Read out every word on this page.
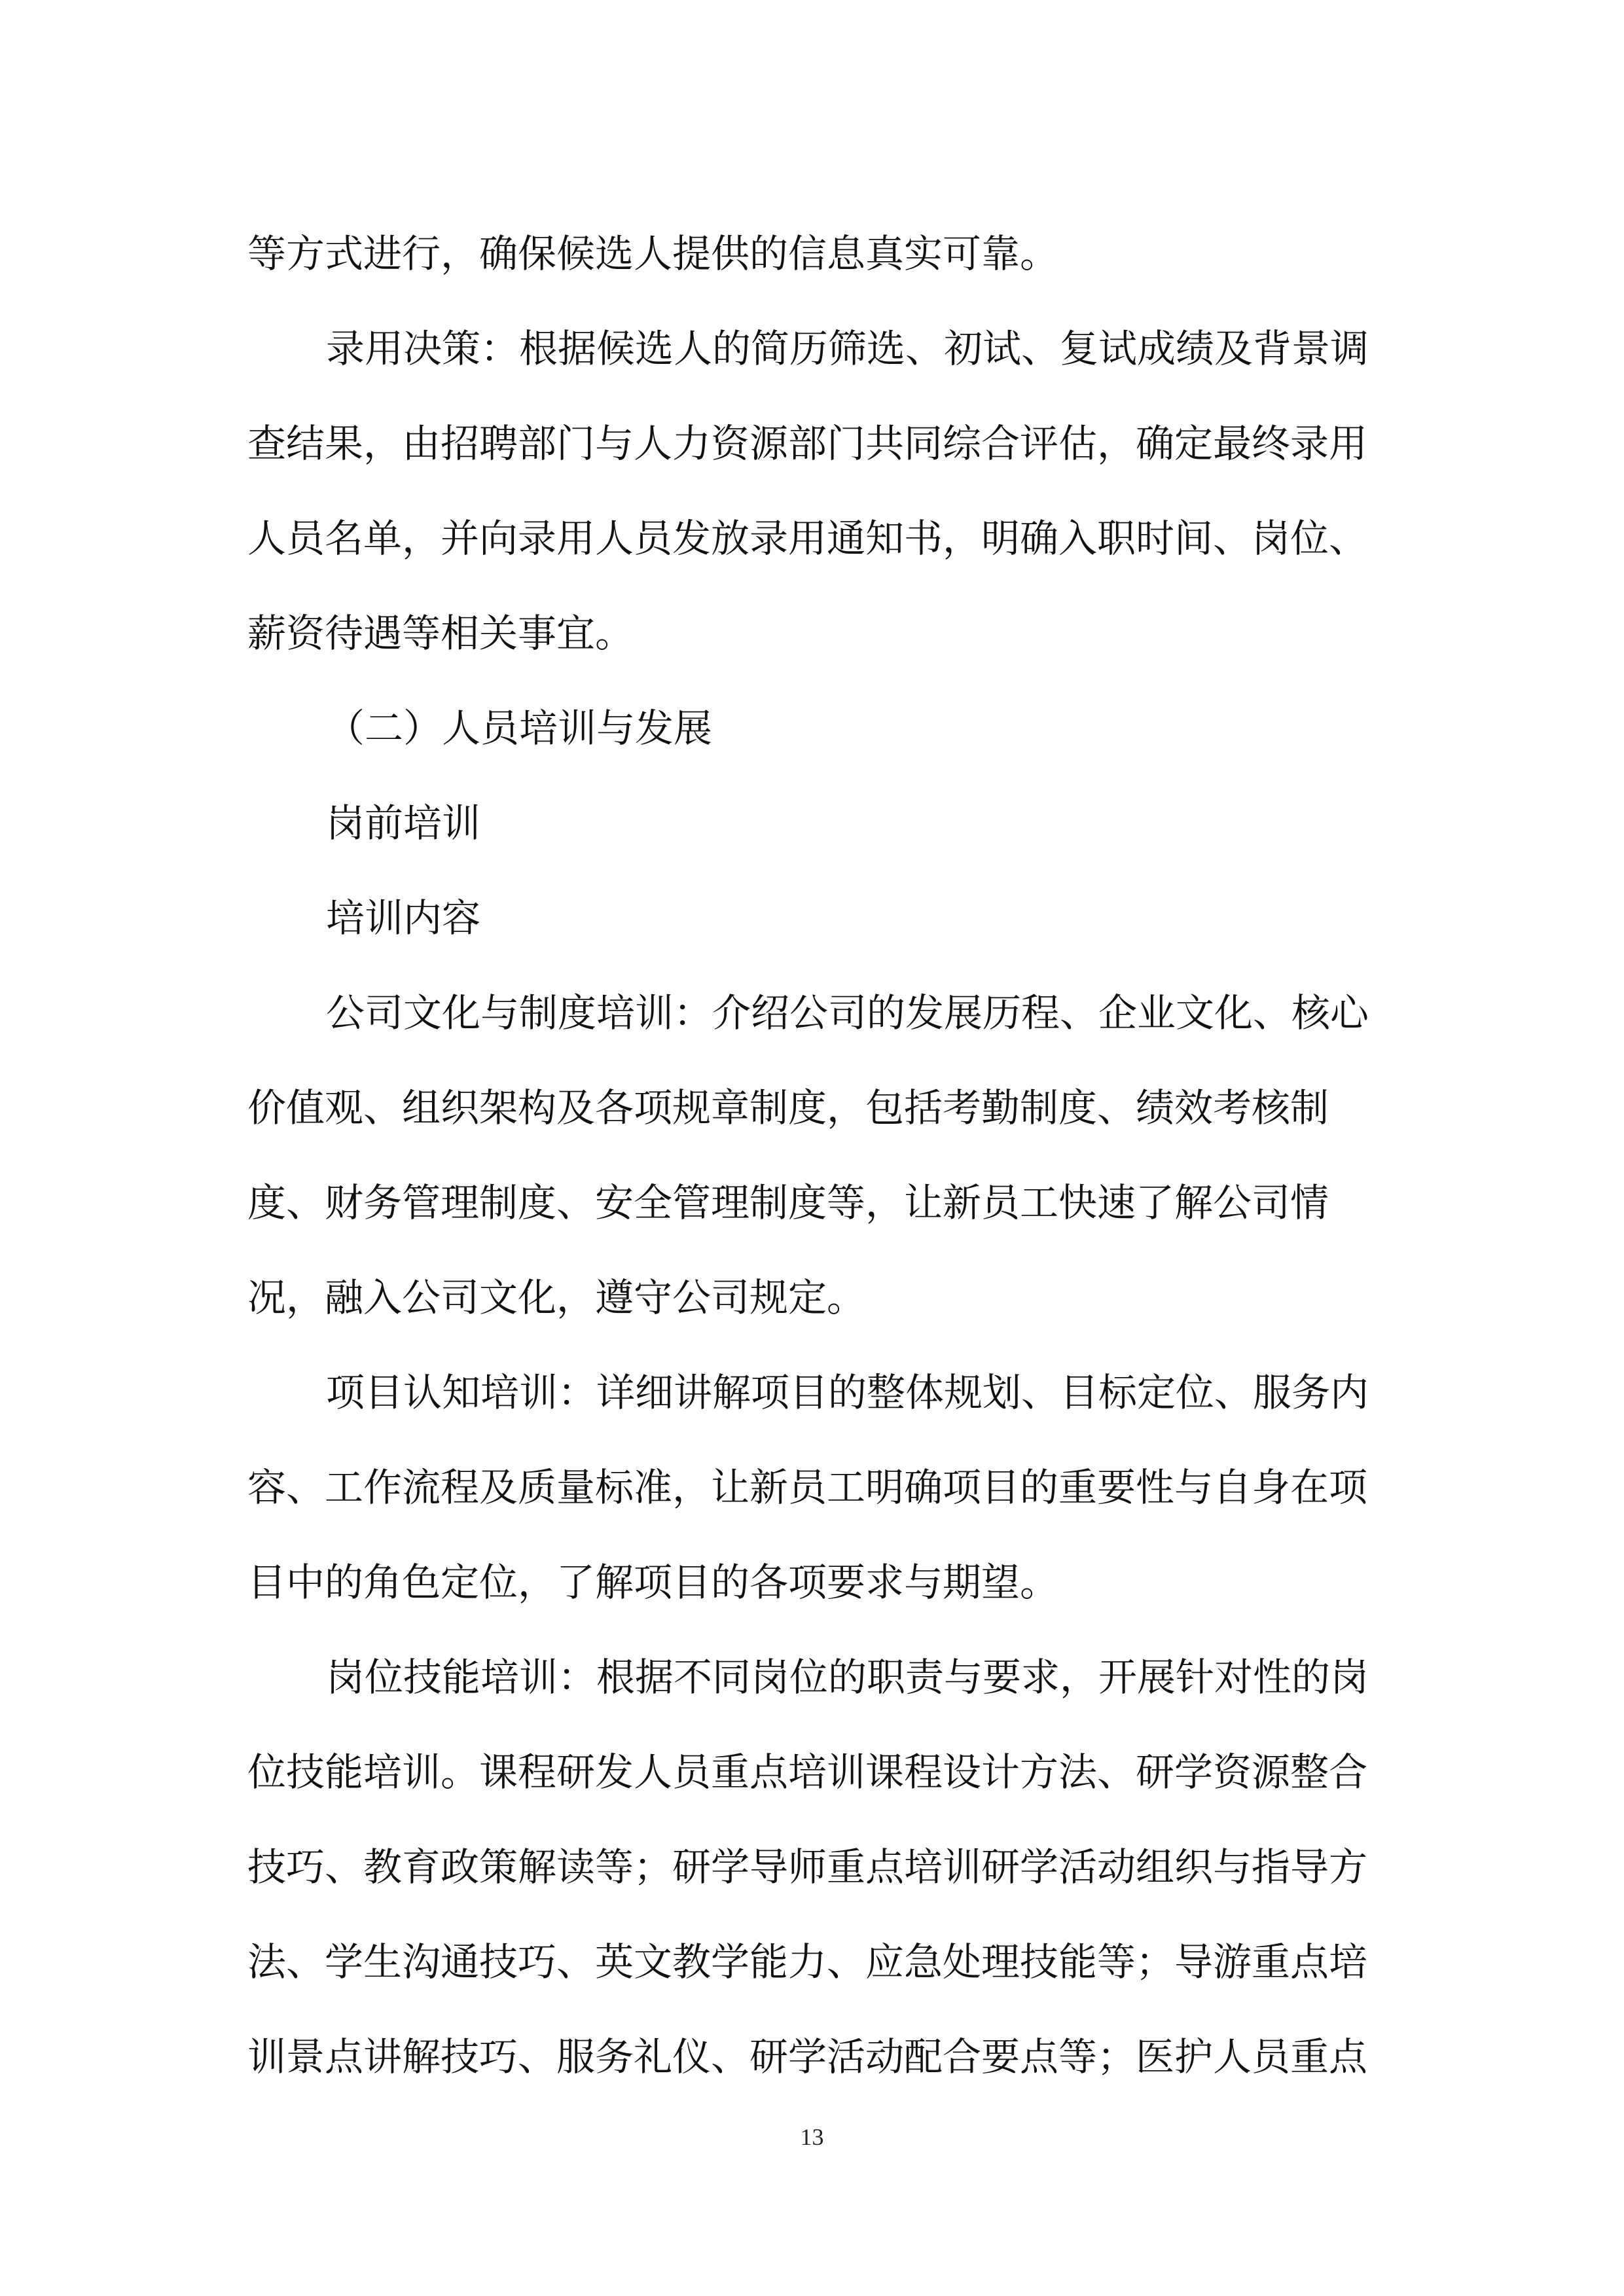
等方式进行，确保候选人提供的信息真实可靠。
录用决策：根据候选人的简历筛选、初试、复试成绩及背景调
查结果，由招聘部门与人力资源部门共同综合评估，确定最终录用
人员名单，并向录用人员发放录用通知书，明确入职时间、岗位、
薪资待遇等相关事宜。
（二）人员培训与发展
岗前培训
培训内容
公司文化与制度培训：介绍公司的发展历程、企业文化、核心
价值观、组织架构及各项规章制度，包括考勤制度、绩效考核制
度、财务管理制度、安全管理制度等，让新员工快速了解公司情
况，融入公司文化，遵守公司规定。
项目认知培训：详细讲解项目的整体规划、目标定位、服务内
容、工作流程及质量标准，让新员工明确项目的重要性与自身在项
目中的角色定位，了解项目的各项要求与期望。
岗位技能培训：根据不同岗位的职责与要求，开展针对性的岗
位技能培训。课程研发人员重点培训课程设计方法、研学资源整合
技巧、教育政策解读等；研学导师重点培训研学活动组织与指导方
法、学生沟通技巧、英文教学能力、应急处理技能等；导游重点培
训景点讲解技巧、服务礼仪、研学活动配合要点等；医护人员重点
13
